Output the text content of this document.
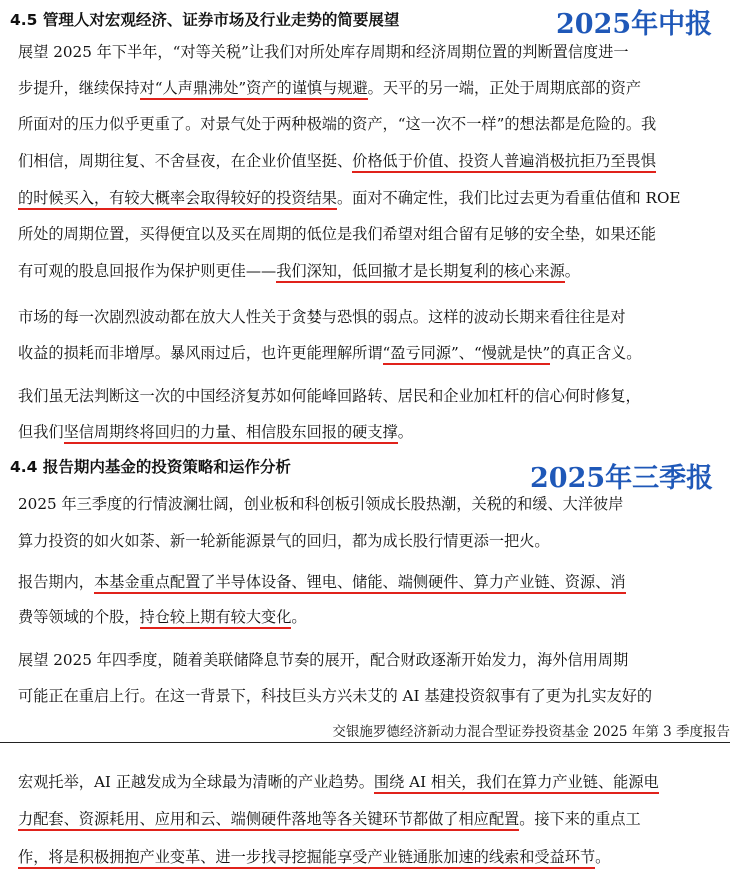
4.5 管理人对宏观经济、证券市场及行业走势的简要展望	2025年中报
展望 2025 年下半年，“对等关税”让我们对所处库存周期和经济周期位置的判断置信度进一
步提升，继续保持对“人声鼎沸处”资产的谨慎与规避。天平的另一端，正处于周期底部的资产
所面对的压力似乎更重了。对景气处于两种极端的资产，“这一次不一样”的想法都是危险的。我
们相信，周期往复、不舍昼夜，在企业价值坚挺、价格低于价值、投资人普遍消极抗拒乃至畏惧
的时候买入，有较大概率会取得较好的投资结果。面对不确定性，我们比过去更为看重估值和 ROE
所处的周期位置，买得便宜以及买在周期的低位是我们希望对组合留有足够的安全垫，如果还能
有可观的股息回报作为保护则更佳——我们深知，低回撤才是长期复利的核心来源。
市场的每一次剧烈波动都在放大人性关于贪婪与恐惧的弱点。这样的波动长期来看往往是对
收益的损耗而非增厚。暴风雨过后，也许更能理解所谓“盈亏同源”、“慢就是快”的真正含义。
我们虽无法判断这一次的中国经济复苏如何能峰回路转、居民和企业加杠杆的信心何时修复，
但我们坚信周期终将回归的力量、相信股东回报的硬支撑。
4.4 报告期内基金的投资策略和运作分析	2025年三季报
2025 年三季度的行情波澜壮阔，创业板和科创板引领成长股热潮，关税的和缓、大洋彼岸
算力投资的如火如荼、新一轮新能源景气的回归，都为成长股行情更添一把火。
报告期内，本基金重点配置了半导体设备、锂电、储能、端侧硬件、算力产业链、资源、消
费等领域的个股，持仓较上期有较大变化。
展望 2025 年四季度，随着美联储降息节奏的展开，配合财政逐渐开始发力，海外信用周期
可能正在重启上行。在这一背景下，科技巨头方兴未艾的 AI 基建投资叙事有了更为扎实友好的
交银施罗德经济新动力混合型证券投资基金 2025 年第 3 季度报告
宏观托举，AI 正越发成为全球最为清晰的产业趋势。围绕 AI 相关，我们在算力产业链、能源电
力配套、资源耗用、应用和云、端侧硬件落地等各关键环节都做了相应配置。接下来的重点工
作，将是积极拥抱产业变革、进一步找寻挖掘能享受产业链通胀加速的线索和受益环节。
